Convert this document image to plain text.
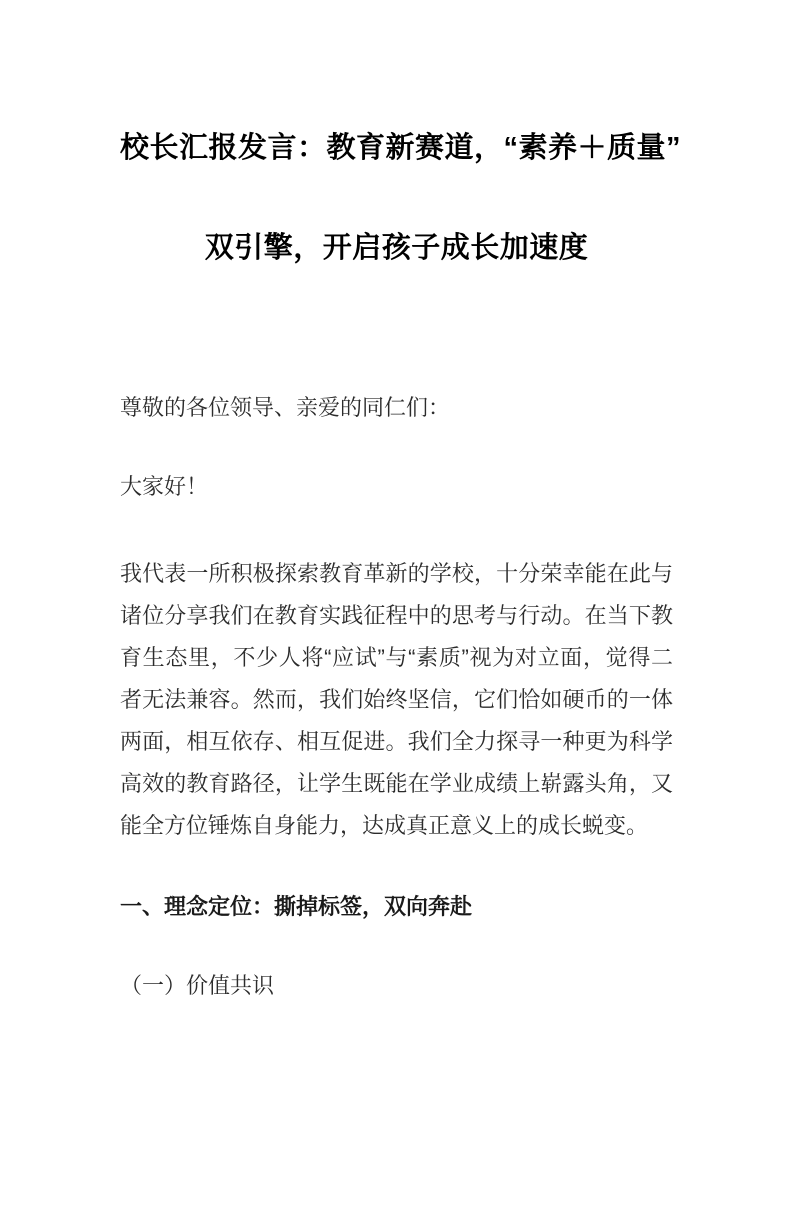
校长汇报发言：教育新赛道，“素养＋质量”
双引擎，开启孩子成长加速度

尊敬的各位领导、亲爱的同仁们：

大家好！

我代表一所积极探索教育革新的学校，十分荣幸能在此与诸位分享我们在教育实践征程中的思考与行动。在当下教育生态里，不少人将“应试”与“素质”视为对立面，觉得二者无法兼容。然而，我们始终坚信，它们恰如硬币的一体两面，相互依存、相互促进。我们全力探寻一种更为科学高效的教育路径，让学生既能在学业成绩上崭露头角，又能全方位锤炼自身能力，达成真正意义上的成长蜕变。

一、理念定位：撕掉标签，双向奔赴
（一）价值共识
